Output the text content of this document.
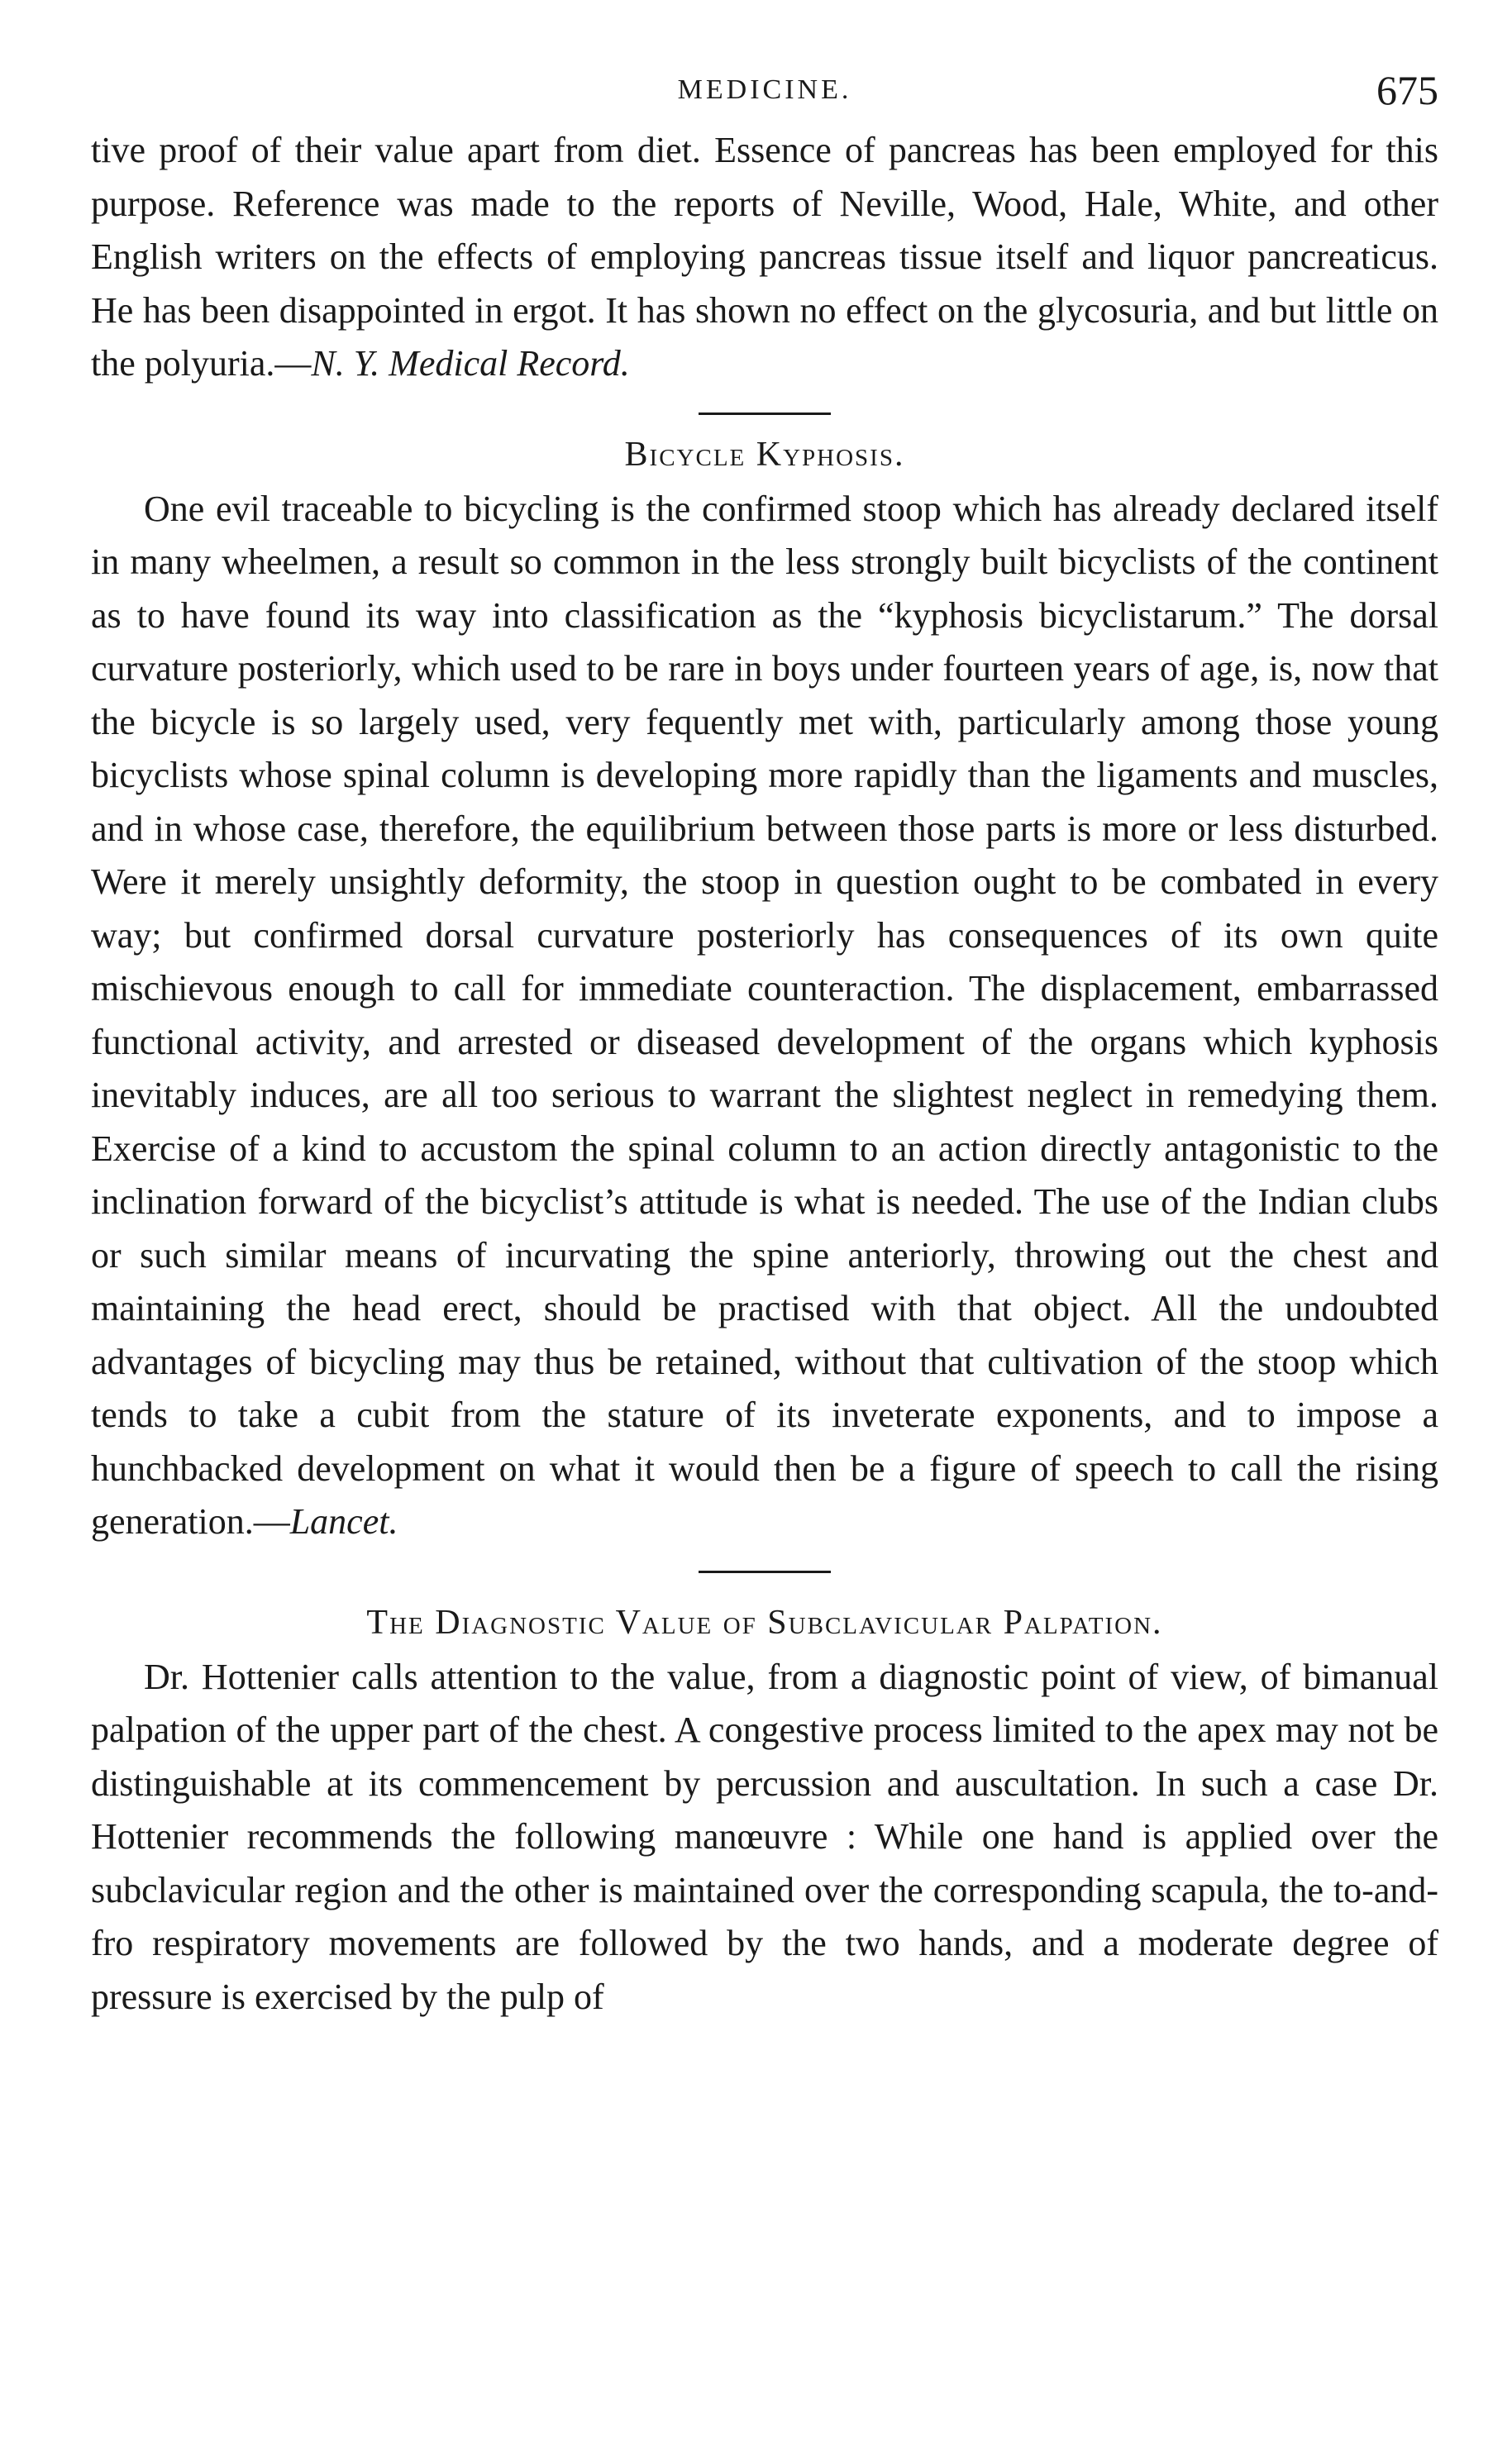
MEDICINE.	675

tive proof of their value apart from diet. Essence of pancreas has been employed for this purpose. Reference was made to the reports of Neville, Wood, Hale, White, and other English writers on the effects of employing pancreas tissue itself and liquor pancreaticus. He has been disappointed in ergot. It has shown no effect on the glycosuria, and but little on the polyuria.—N. Y. Medical Record.

Bicycle Kyphosis.

One evil traceable to bicycling is the confirmed stoop which has already declared itself in many wheelmen, a result so common in the less strongly built bicyclists of the continent as to have found its way into classification as the “kyphosis bicyclistarum.” The dorsal curvature posteriorly, which used to be rare in boys under fourteen years of age, is, now that the bicycle is so largely used, very fequently met with, particularly among those young bicyclists whose spinal column is developing more rapidly than the ligaments and muscles, and in whose case, therefore, the equilibrium between those parts is more or less disturbed. Were it merely unsightly deformity, the stoop in question ought to be combated in every way; but confirmed dorsal curvature posteriorly has consequences of its own quite mischievous enough to call for immediate counteraction. The displacement, embarrassed functional activity, and arrested or diseased development of the organs which kyphosis inevitably induces, are all too serious to warrant the slightest neglect in remedying them. Exercise of a kind to accustom the spinal column to an action directly antagonistic to the inclination forward of the bicyclist’s attitude is what is needed. The use of the Indian clubs or such similar means of incurvating the spine anteriorly, throwing out the chest and maintaining the head erect, should be practised with that object. All the undoubted advantages of bicycling may thus be retained, without that cultivation of the stoop which tends to take a cubit from the stature of its inveterate exponents, and to impose a hunchbacked development on what it would then be a figure of speech to call the rising generation.—Lancet.

The Diagnostic Value of Subclavicular Palpation.

Dr. Hottenier calls attention to the value, from a diagnostic point of view, of bimanual palpation of the upper part of the chest. A congestive process limited to the apex may not be distinguishable at its commencement by percussion and auscultation. In such a case Dr. Hottenier recommends the following manœuvre : While one hand is applied over the subclavicular region and the other is maintained over the corresponding scapula, the to-and-fro respiratory movements are followed by the two hands, and a moderate degree of pressure is exercised by the pulp of
